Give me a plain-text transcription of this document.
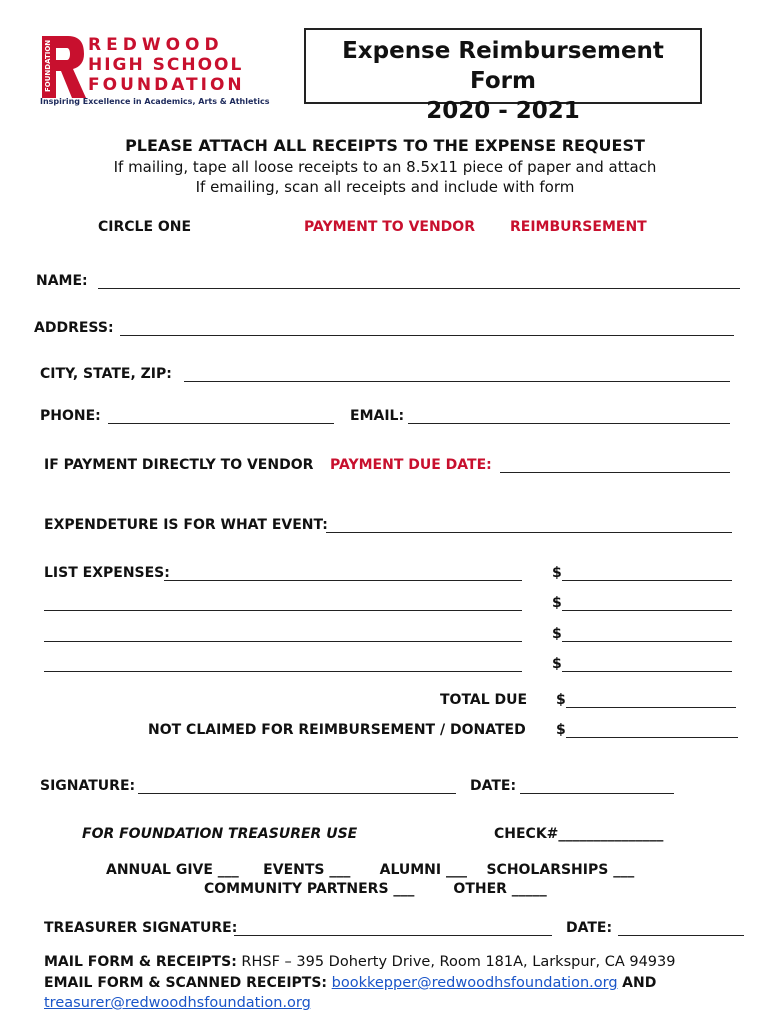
FOUNDATION REDWOOD
HIGH SCHOOL
FOUNDATION
Inspiring Excellence in Academics, Arts & Athletics
Expense Reimbursement Form
2020 - 2021
PLEASE ATTACH ALL RECEIPTS TO THE EXPENSE REQUEST
If mailing, tape all loose receipts to an 8.5x11 piece of paper and attach
If emailing, scan all receipts and include with form
CIRCLE ONE	PAYMENT TO VENDOR	REIMBURSEMENT
NAME:
ADDRESS:
CITY, STATE, ZIP:
PHONE:	EMAIL:
IF PAYMENT DIRECTLY TO VENDOR PAYMENT DUE DATE:
EXPENDETURE IS FOR WHAT EVENT:
LIST EXPENSES:	$
$
$
$
TOTAL DUE $
NOT CLAIMED FOR REIMBURSEMENT / DONATED $
SIGNATURE:	DATE:
FOR FOUNDATION TREASURER USE	CHECK#_______________
ANNUAL GIVE ___     EVENTS ___      ALUMNI ___    SCHOLARSHIPS ___
COMMUNITY PARTNERS ___        OTHER _____
TREASURER SIGNATURE:	DATE:
MAIL FORM & RECEIPTS: RHSF – 395 Doherty Drive, Room 181A, Larkspur, CA 94939
EMAIL FORM & SCANNED RECEIPTS: bookkepper@redwoodhsfoundation.org AND
treasurer@redwoodhsfoundation.org
